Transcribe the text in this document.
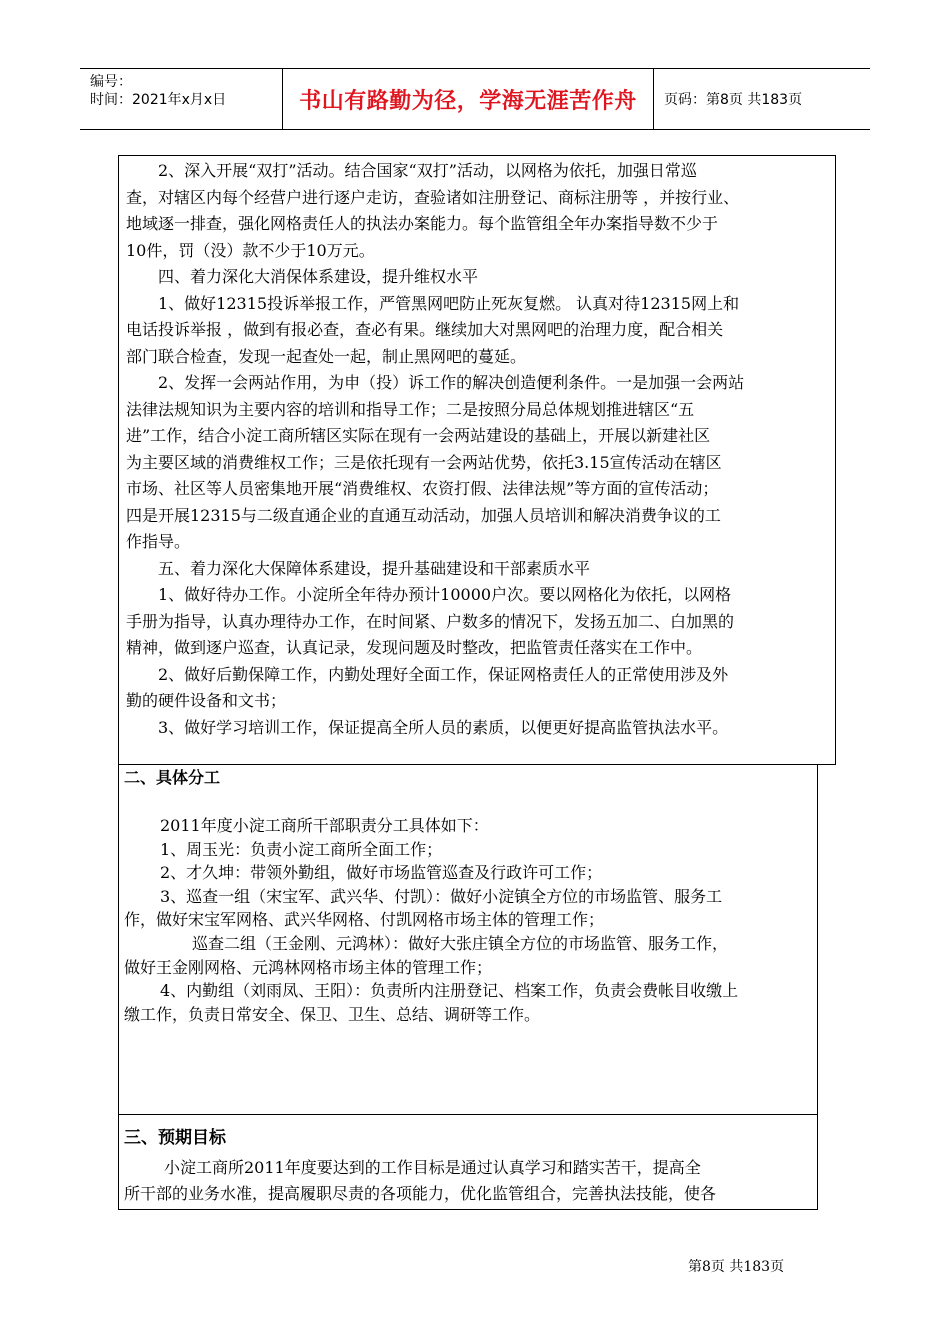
编号：
时间：2021年x月x日	书山有路勤为径，学海无涯苦作舟 页码：第8页 共183页
2、深入开展“双打”活动。结合国家“双打”活动，以网格为依托，加强日常巡
查，对辖区内每个经营户进行逐户走访，查验诸如注册登记、商标注册等 ，并按行业、
地域逐一排查，强化网格责任人的执法办案能力。每个监管组全年办案指导数不少于
10件，罚（没）款不少于10万元。
四、着力深化大消保体系建设，提升维权水平
1、做好12315投诉举报工作，严管黑网吧防止死灰复燃。 认真对待12315网上和
电话投诉举报 ，做到有报必查，查必有果。继续加大对黑网吧的治理力度，配合相关
部门联合检查，发现一起查处一起，制止黑网吧的蔓延。
2、发挥一会两站作用，为申（投）诉工作的解决创造便利条件。一是加强一会两站
法律法规知识为主要内容的培训和指导工作；二是按照分局总体规划推进辖区“五
进”工作，结合小淀工商所辖区实际在现有一会两站建设的基础上，开展以新建社区
为主要区域的消费维权工作；三是依托现有一会两站优势，依托3.15宣传活动在辖区
市场、社区等人员密集地开展“消费维权、农资打假、法律法规”等方面的宣传活动；
四是开展12315与二级直通企业的直通互动活动，加强人员培训和解决消费争议的工
作指导。
五、着力深化大保障体系建设，提升基础建设和干部素质水平
1、做好待办工作。小淀所全年待办预计10000户次。要以网格化为依托，以网格
手册为指导，认真办理待办工作，在时间紧、户数多的情况下，发扬五加二、白加黑的
精神，做到逐户巡查，认真记录，发现问题及时整改，把监管责任落实在工作中。
2、做好后勤保障工作，内勤处理好全面工作，保证网格责任人的正常使用涉及外
勤的硬件设备和文书；
3、做好学习培训工作，保证提高全所人员的素质，以便更好提高监管执法水平。
二、具体分工
2011年度小淀工商所干部职责分工具体如下：
1、周玉光：负责小淀工商所全面工作；
2、才久坤：带领外勤组，做好市场监管巡查及行政许可工作；
3、巡查一组（宋宝军、武兴华、付凯）：做好小淀镇全方位的市场监管、服务工
作，做好宋宝军网格、武兴华网格、付凯网格市场主体的管理工作；
巡查二组（王金刚、元鸿林）：做好大张庄镇全方位的市场监管、服务工作，
做好王金刚网格、元鸿林网格市场主体的管理工作；
4、内勤组（刘雨凤、王阳）：负责所内注册登记、档案工作，负责会费帐目收缴上
缴工作，负责日常安全、保卫、卫生、总结、调研等工作。
三、预期目标
小淀工商所2011年度要达到的工作目标是通过认真学习和踏实苦干，提高全
所干部的业务水准，提高履职尽责的各项能力，优化监管组合，完善执法技能，使各
第8页 共183页
